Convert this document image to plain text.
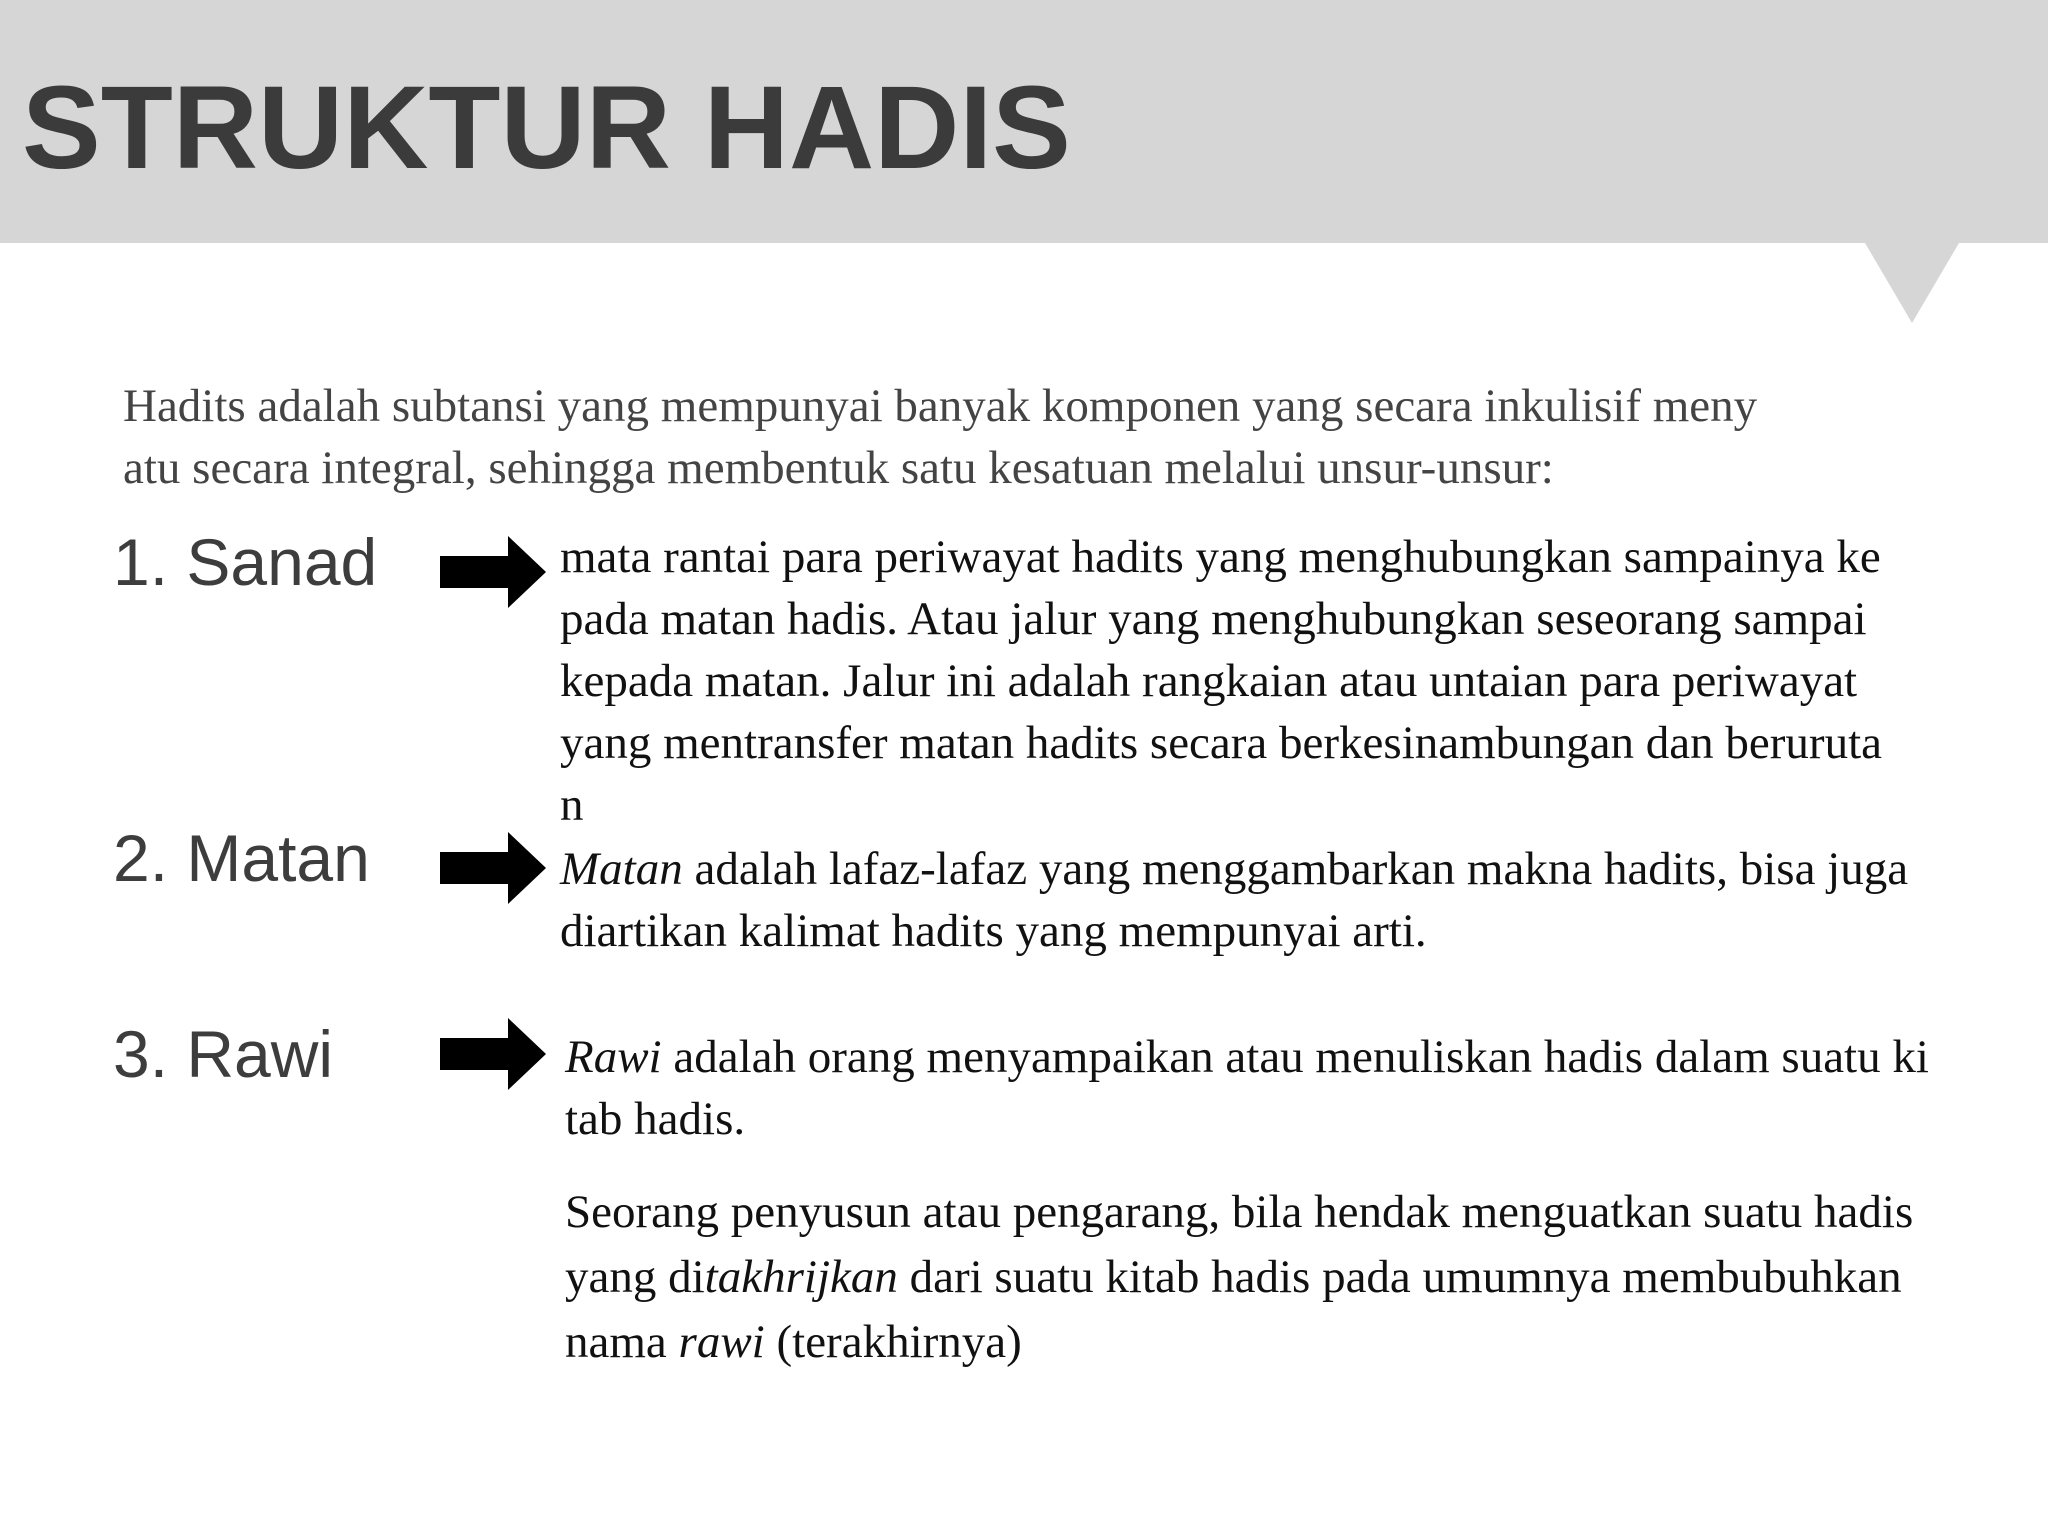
STRUKTUR HADIS
Hadits adalah subtansi yang mempunyai banyak komponen yang secara inkulisif meny
atu secara integral, sehingga membentuk satu kesatuan melalui unsur-unsur:
1. Sanad	mata rantai para periwayat hadits yang menghubungkan sampainya ke
pada matan hadis. Atau jalur yang menghubungkan seseorang sampai
kepada matan. Jalur ini adalah rangkaian atau untaian para periwayat
yang mentransfer matan hadits secara berkesinambungan dan beruruta
n
2. Matan	Matan adalah lafaz-lafaz yang menggambarkan makna hadits, bisa juga
diartikan kalimat hadits yang mempunyai arti.
3. Rawi	Rawi adalah orang menyampaikan atau menuliskan hadis dalam suatu ki
tab hadis.
Seorang penyusun atau pengarang, bila hendak menguatkan suatu hadis
yang ditakhrijkan dari suatu kitab hadis pada umumnya membubuhkan
nama rawi (terakhirnya)
